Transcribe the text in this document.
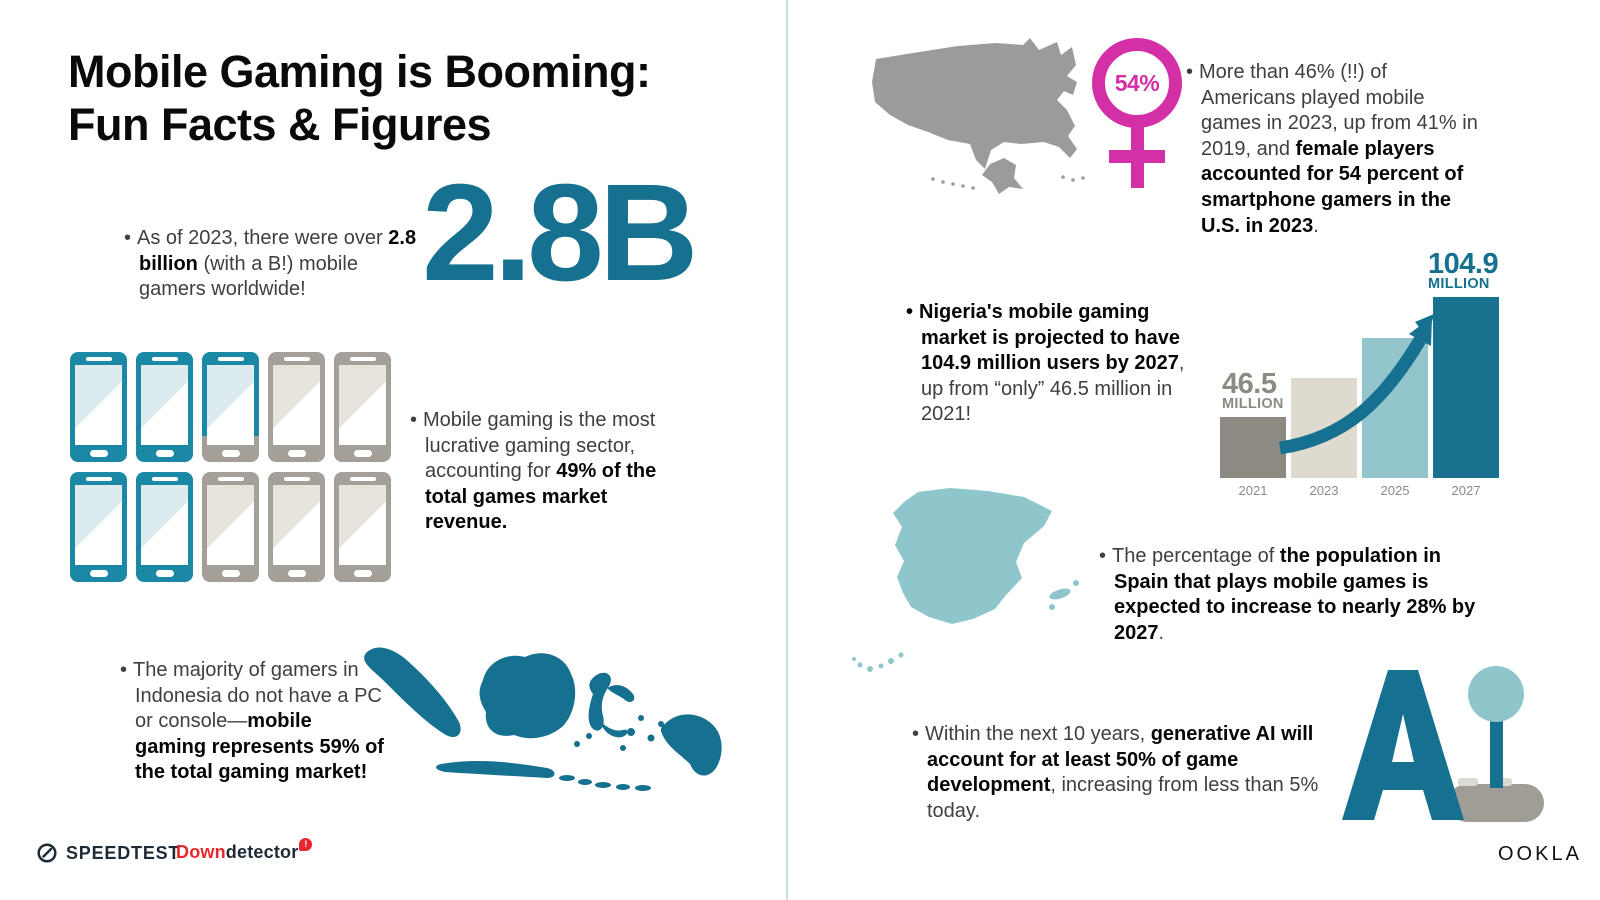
Mobile Gaming is Booming:
Fun Facts & Figures

• As of 2023, there were over 2.8 billion (with a B!) mobile gamers worldwide! 2.8B

• Mobile gaming is the most lucrative gaming sector, accounting for 49% of the total games market revenue.

• The majority of gamers in Indonesia do not have a PC or console—mobile gaming represents 59% of the total gaming market!

54% • More than 46% (!!) of Americans played mobile games in 2023, up from 41% in 2019, and female players accounted for 54 percent of smartphone gamers in the U.S. in 2023.

• Nigeria's mobile gaming market is projected to have 104.9 million users by 2027, up from “only” 46.5 million in 2021!

2021	2023	2025	2027
46.5
MILLION
104.9
MILLION

• The percentage of the population in Spain that plays mobile games is expected to increase to nearly 28% by 2027.

• Within the next 10 years, generative AI will account for at least 50% of game development, increasing from less than 5% today.

SPEEDTEST
Downdetector !	OOKLA
